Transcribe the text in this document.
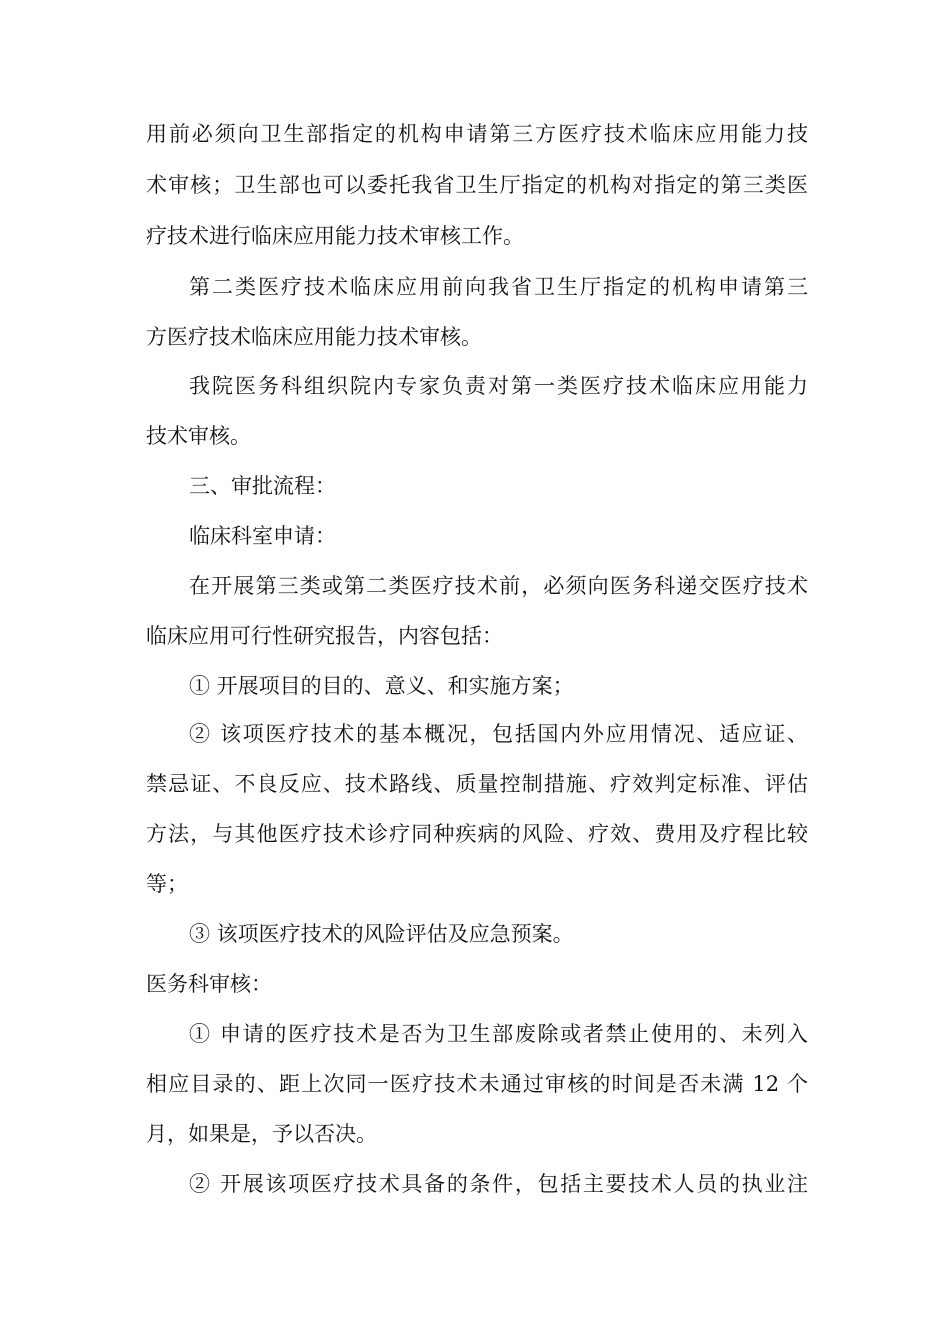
用前必须向卫生部指定的机构申请第三方医疗技术临床应用能力技

术审核；卫生部也可以委托我省卫生厅指定的机构对指定的第三类医

疗技术进行临床应用能力技术审核工作。

第二类医疗技术临床应用前向我省卫生厅指定的机构申请第三

方医疗技术临床应用能力技术审核。

我院医务科组织院内专家负责对第一类医疗技术临床应用能力

技术审核。

三、审批流程：

临床科室申请：

在开展第三类或第二类医疗技术前，必须向医务科递交医疗技术

临床应用可行性研究报告，内容包括：

① 开展项目的目的、意义、和实施方案；

② 该项医疗技术的基本概况，包括国内外应用情况、适应证、

禁忌证、不良反应、技术路线、质量控制措施、疗效判定标准、评估

方法，与其他医疗技术诊疗同种疾病的风险、疗效、费用及疗程比较

等；

③ 该项医疗技术的风险评估及应急预案。

医务科审核：

① 申请的医疗技术是否为卫生部废除或者禁止使用的、未列入

相应目录的、距上次同一医疗技术未通过审核的时间是否未满 12 个

月，如果是，予以否决。

② 开展该项医疗技术具备的条件，包括主要技术人员的执业注
